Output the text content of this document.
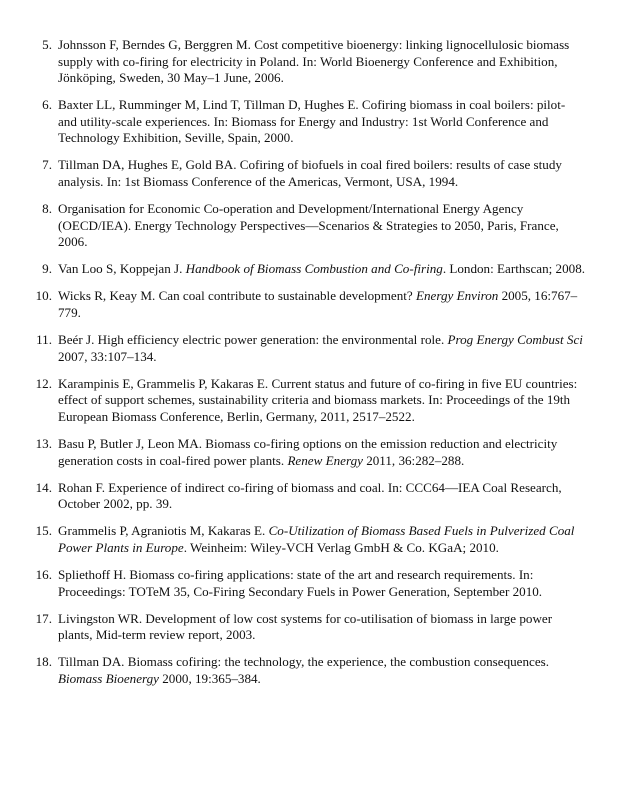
5. Johnsson F, Berndes G, Berggren M. Cost competitive bioenergy: linking lignocellulosic biomass supply with co-firing for electricity in Poland. In: World Bioenergy Conference and Exhibition, Jönköping, Sweden, 30 May–1 June, 2006.
6. Baxter LL, Rumminger M, Lind T, Tillman D, Hughes E. Cofiring biomass in coal boilers: pilot- and utility-scale experiences. In: Biomass for Energy and Industry: 1st World Conference and Technology Exhibition, Seville, Spain, 2000.
7. Tillman DA, Hughes E, Gold BA. Cofiring of biofuels in coal fired boilers: results of case study analysis. In: 1st Biomass Conference of the Americas, Vermont, USA, 1994.
8. Organisation for Economic Co-operation and Development/International Energy Agency (OECD/IEA). Energy Technology Perspectives—Scenarios & Strategies to 2050, Paris, France, 2006.
9. Van Loo S, Koppejan J. Handbook of Biomass Combustion and Co-firing. London: Earthscan; 2008.
10. Wicks R, Keay M. Can coal contribute to sustainable development? Energy Environ 2005, 16:767–779.
11. Beér J. High efficiency electric power generation: the environmental role. Prog Energy Combust Sci 2007, 33:107–134.
12. Karampinis E, Grammelis P, Kakaras E. Current status and future of co-firing in five EU countries: effect of support schemes, sustainability criteria and biomass markets. In: Proceedings of the 19th European Biomass Conference, Berlin, Germany, 2011, 2517–2522.
13. Basu P, Butler J, Leon MA. Biomass co-firing options on the emission reduction and electricity generation costs in coal-fired power plants. Renew Energy 2011, 36:282–288.
14. Rohan F. Experience of indirect co-firing of biomass and coal. In: CCC64—IEA Coal Research, October 2002, pp. 39.
15. Grammelis P, Agraniotis M, Kakaras E. Co-Utilization of Biomass Based Fuels in Pulverized Coal Power Plants in Europe. Weinheim: Wiley-VCH Verlag GmbH & Co. KGaA; 2010.
16. Spliethoff H. Biomass co-firing applications: state of the art and research requirements. In: Proceedings: TOTeM 35, Co-Firing Secondary Fuels in Power Generation, September 2010.
17. Livingston WR. Development of low cost systems for co-utilisation of biomass in large power plants, Mid-term review report, 2003.
18. Tillman DA. Biomass cofiring: the technology, the experience, the combustion consequences. Biomass Bioenergy 2000, 19:365–384.
